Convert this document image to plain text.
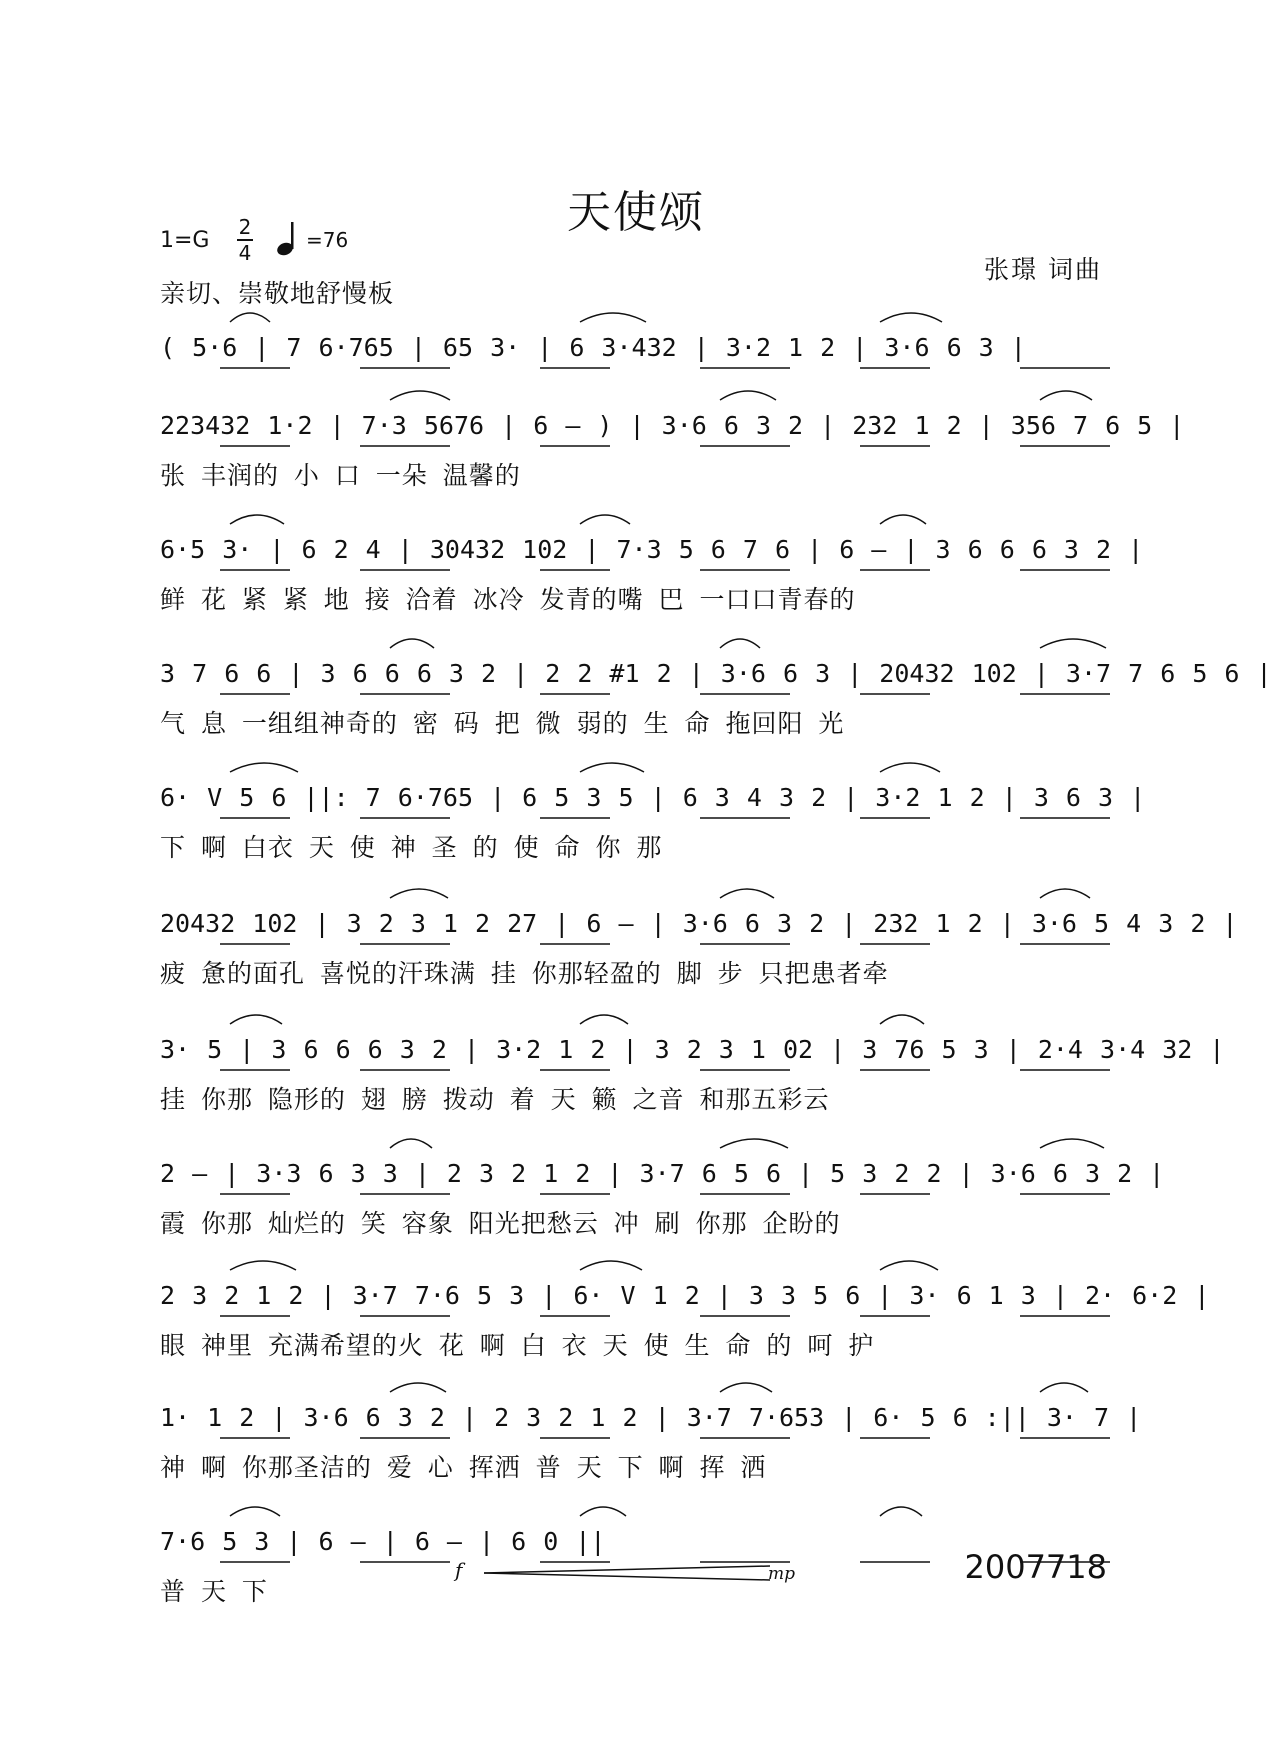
天使颂
1=G
2
4
=76
张璟 词曲
亲切、崇敬地舒慢板
( 5·6 | 7 6·765 | 65 3· | 6 3·432 | 3·2 1 2 | 3·6 6 3 |
223432 1·2 | 7·3 5676 | 6 – ) | 3·6 6 3 2 | 232 1 2 | 356 7 6 5 |
张 丰润的 小 口 一朵 温馨的
6·5 3· | 6 2 4 | 30432 102 | 7·3 5 6 7 6 | 6 – | 3 6 6 6 3 2 |
鲜 花 紧 紧 地 接 洽着 冰冷 发青的嘴 巴 一口口青春的
3 7 6 6 | 3 6 6 6 3 2 | 2 2 #1 2 | 3·6 6 3 | 20432 102 | 3·7 7 6 5 6 |
气 息 一组组神奇的 密 码 把 微 弱的 生 命 拖回阳 光
6· V 5 6 ||: 7 6·765 | 6 5 3 5 | 6 3 4 3 2 | 3·2 1 2 | 3 6 3 |
下 啊 白衣 天 使 神 圣 的 使 命 你 那
20432 102 | 3 2 3 1 2 27 | 6 – | 3·6 6 3 2 | 232 1 2 | 3·6 5 4 3 2 |
疲 惫的面孔 喜悦的汗珠满 挂 你那轻盈的 脚 步 只把患者牵
3· 5 | 3 6 6 6 3 2 | 3·2 1 2 | 3 2 3 1 02 | 3 76 5 3 | 2·4 3·4 32 |
挂 你那 隐形的 翅 膀 拨动 着 天 籁 之音 和那五彩云
2 – | 3·3 6 3 3 | 2 3 2 1 2 | 3·7 6 5 6 | 5 3 2 2 | 3·6 6 3 2 |
霞 你那 灿烂的 笑 容象 阳光把愁云 冲 刷 你那 企盼的
2 3 2 1 2 | 3·7 7·6 5 3 | 6· V 1 2 | 3 3 5 6 | 3· 6 1 3 | 2· 6·2 |
眼 神里 充满希望的火 花 啊 白 衣 天 使 生 命 的 呵 护
1· 1 2 | 3·6 6 3 2 | 2 3 2 1 2 | 3·7 7·653 | 6· 5 6 :|| 3· 7 |
神 啊 你那圣洁的 爱 心 挥洒 普 天 下 啊 挥 洒
7·6 5 3 | 6 – | 6 – | 6 0 ||
普 天 下
f	mp	2007718
